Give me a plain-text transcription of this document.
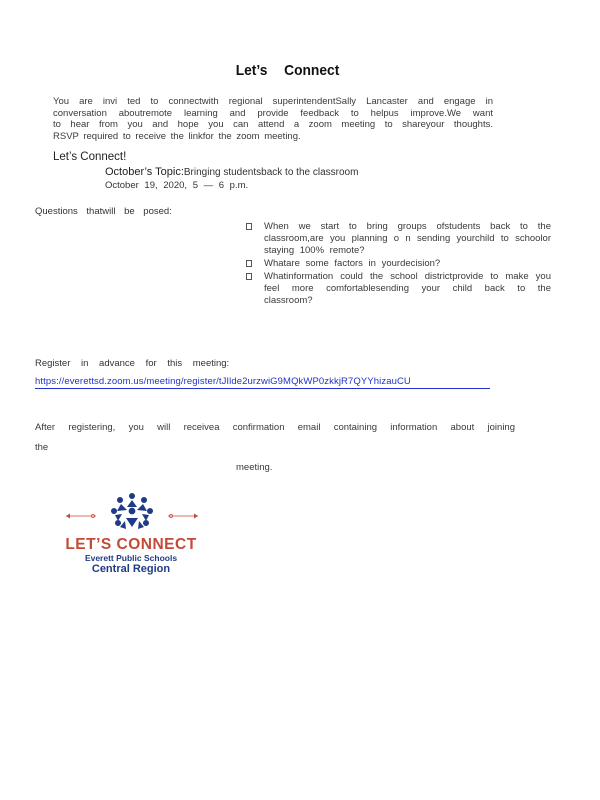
Let’s Connect
You are invi ted to connectwith regional superintendentSally Lancaster and engage in
conversation aboutremote learning and provide feedback to helpus improve.We want
to hear from you and hope you can attend a zoom meeting to shareyour thoughts.
RSVP required to receive the linkfor the zoom meeting.
Let’s Connect!
October’s Topic:Bringing studentsback to the classroom
October 19, 2020, 5 — 6 p.m.
Questions thatwill be posed:
When we start to bring groups ofstudents back to the classroom,are you planning o n sending yourchild to schoolor staying 100% remote?
Whatare some factors in yourdecision?
Whatinformation could the school districtprovide to make you feel more comfortablesending your child back to the classroom?
Register in advance for this meeting:
https://everettsd.zoom.us/meeting/register/tJIlde2urzwiG9MQkWP0zkkjR7QYYhizauCU
After registering, you will receivea confirmation email containing information about joining the
meeting.
LET’S CONNECT
Everett Public Schools
Central Region
